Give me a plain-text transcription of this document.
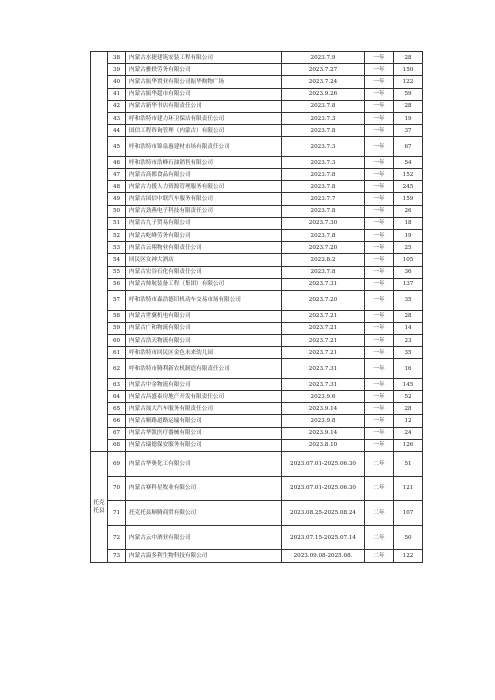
	38	内蒙古水捷建筑安装工程有限公司	2023.7.9	一年	28
	39	内蒙古雅轶劳务有限公司	2023.7.27	一年	150
	40	内蒙古振华置业有限公司振华购物广场	2023.7.24	一年	122
	41	内蒙古振华超市有限公司	2023.9.26	一年	59
	42	内蒙古新华书店有限责任公司	2023.7.8	一年	28
	43	呼和浩特市建力环卫保洁有限责任公司	2023.7.3	一年	19
	44	国信工程咨询管理（内蒙古）有限公司	2023.7.8	一年	37
	45	呼和浩特市锦泉惠建材市场有限责任公司	2023.7.3	一年	67
	46	呼和浩特市浩峰石油销售有限公司	2023.7.3	一年	54
	47	内蒙古高都食品有限公司	2023.7.8	一年	152
	48	内蒙古力援人力资源管理服务有限公司	2023.7.8	一年	245
	49	内蒙古国信中联汽车服务有限公司	2023.7.7	一年	159
	50	内蒙古劲燕电子科技有限责任公司	2023.7.8	一年	26
	51	内蒙古九子贸易有限公司	2023.7.30	一年	18
	52	内蒙古屹峰劳务有限公司	2023.7.8	一年	19
	53	内蒙古云翔物业有限责任公司	2023.7.20	一年	25
	54	回民区女神大酒店	2023.8.2	一年	105
	55	内蒙古宏谷石化有限责任公司	2023.7.8	一年	36
	56	内蒙古帅航装备工程（集团）有限公司	2023.7.31	一年	137
	57	呼和浩特市森浩德旧机动车交易市场有限公司	2023.7.20	一年	35
	58	内蒙古世翼机电有限公司	2023.7.21	一年	28
	59	内蒙古广和物流有限公司	2023.7.21	一年	14
	60	内蒙古浩天物流有限公司	2023.7.21	一年	23
	61	呼和浩特市回民区金色未来幼儿园	2023.7.21	一年	35
	62	呼和浩特市腾利新农机制造有限责任公司	2023.7.31	一年	16
	63	内蒙古中金物流有限公司	2023.7.31	一年	145
	64	内蒙古昌盛泰房地产开发有限责任公司	2023.9.6	一年	52
	65	内蒙古晟大汽车服务有限责任公司	2023.9.14	一年	28
	66	内蒙古顺路道路运输有限公司	2023.9.8	一年	12
	67	内蒙古华凯医疗器械有限公司	2023.9.14	一年	24
	68	内蒙古瑞德保安服务有限公司	2023.8.10	一年	126
托克托县	69	内蒙古华奥化工有限公司	2023.07.01-2025.06.30	二年	51
	70	内蒙古赛科星牧业有限公司	2023.07.01-2025.06.30	二年	121
	71	托克托县顺腾商贸有限公司	2023.08.25-2025.08.24	二年	107
	72	内蒙古云中酒业有限公司	2023.07.15-2025.07.14	二年	50
	73	内蒙古溢多利生物科技有限公司	2023.09.08-2025.08.	二年	122
